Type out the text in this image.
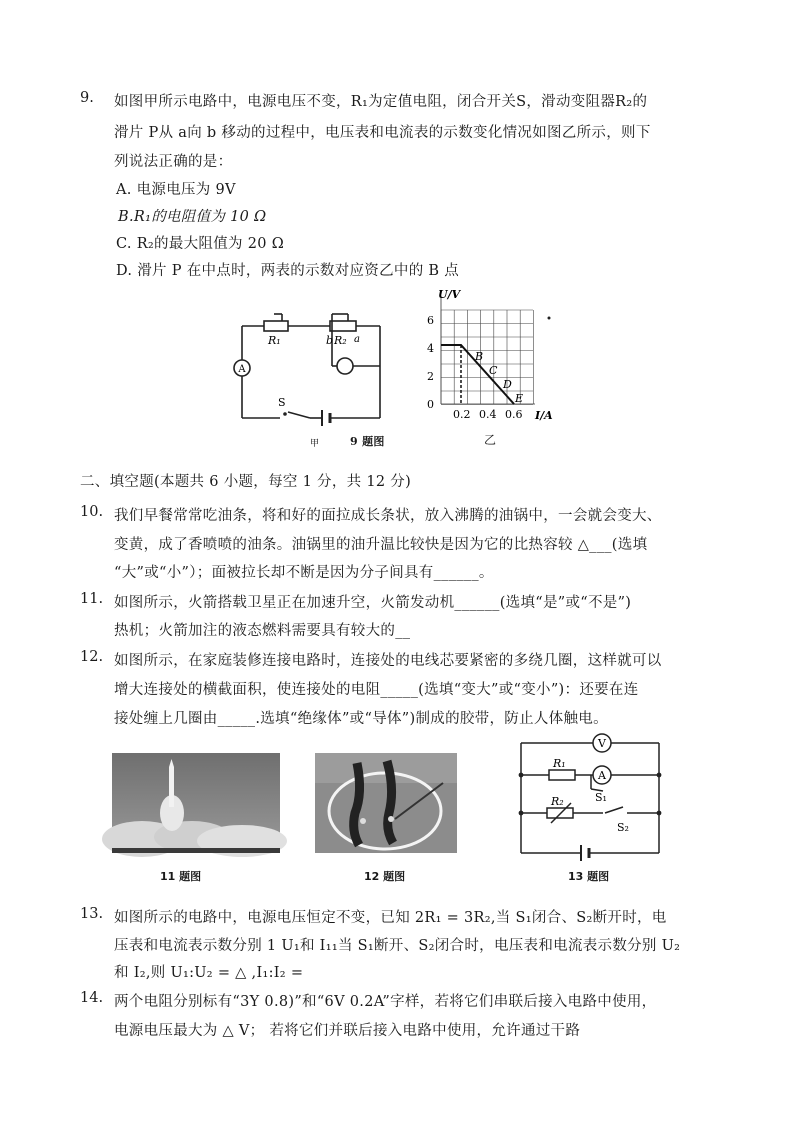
9. 如图甲所示电路中，电源电压不变，R₁为定值电阻，闭合开关S，滑动变阻器R₂的
滑片 P从 a向 b 移动的过程中，电压表和电流表的示数变化情况如图乙所示，则下
列说法正确的是：
A. 电源电压为 9V
B.R₁的电阻值为 10 Ω
C. R₂的最大阻值为 20 Ω
D. 滑片 P 在中点时，两表的示数对应资乙中的 B 点
A
R₁	b R₂ a
S
甲	9 题图	乙
U/V
I/A
6
4
2
0
0.2 0.4 0.6
B
C
D
E
二、填空题(本题共 6 小题，每空 1 分，共 12 分)
10. 我们早餐常常吃油条，将和好的面拉成长条状，放入沸腾的油锅中，一会就会变大、
变黄，成了香喷喷的油条。油锅里的油升温比较快是因为它的比热容较 △___(选填
“大”或“小”）；面被拉长却不断是因为分子间具有______。
11. 如图所示，火箭搭载卫星正在加速升空，火箭发动机______(选填“是”或“不是”)
热机；火箭加注的液态燃料需要具有较大的__
12. 如图所示，在家庭装修连接电路时，连接处的电线芯要紧密的多绕几圈，这样就可以
增大连接处的横截面积，使连接处的电阻_____(选填“变大”或“变小”)：还要在连
接处缠上几圈由_____.选填“绝缘体”或“导体”)制成的胶带，防止人体触电。
11 题图	12 题图
V
A
R₁
R₂	S₁
S₂
13 题图
13. 如图所示的电路中，电源电压恒定不变，已知 2R₁ = 3R₂,当 S₁闭合、S₂断开时，电
压表和电流表示数分别 1 U₁和 I₁₁当 S₁断开、S₂闭合时，电压表和电流表示数分别 U₂
和 I₂,则 U₁:U₂ = △ ,I₁:I₂ =
14. 两个电阻分别标有“3Y 0.8)”和“6V 0.2A”字样，若将它们串联后接入电路中使用，
电源电压最大为 △ V； 若将它们并联后接入电路中使用，允许通过干路
